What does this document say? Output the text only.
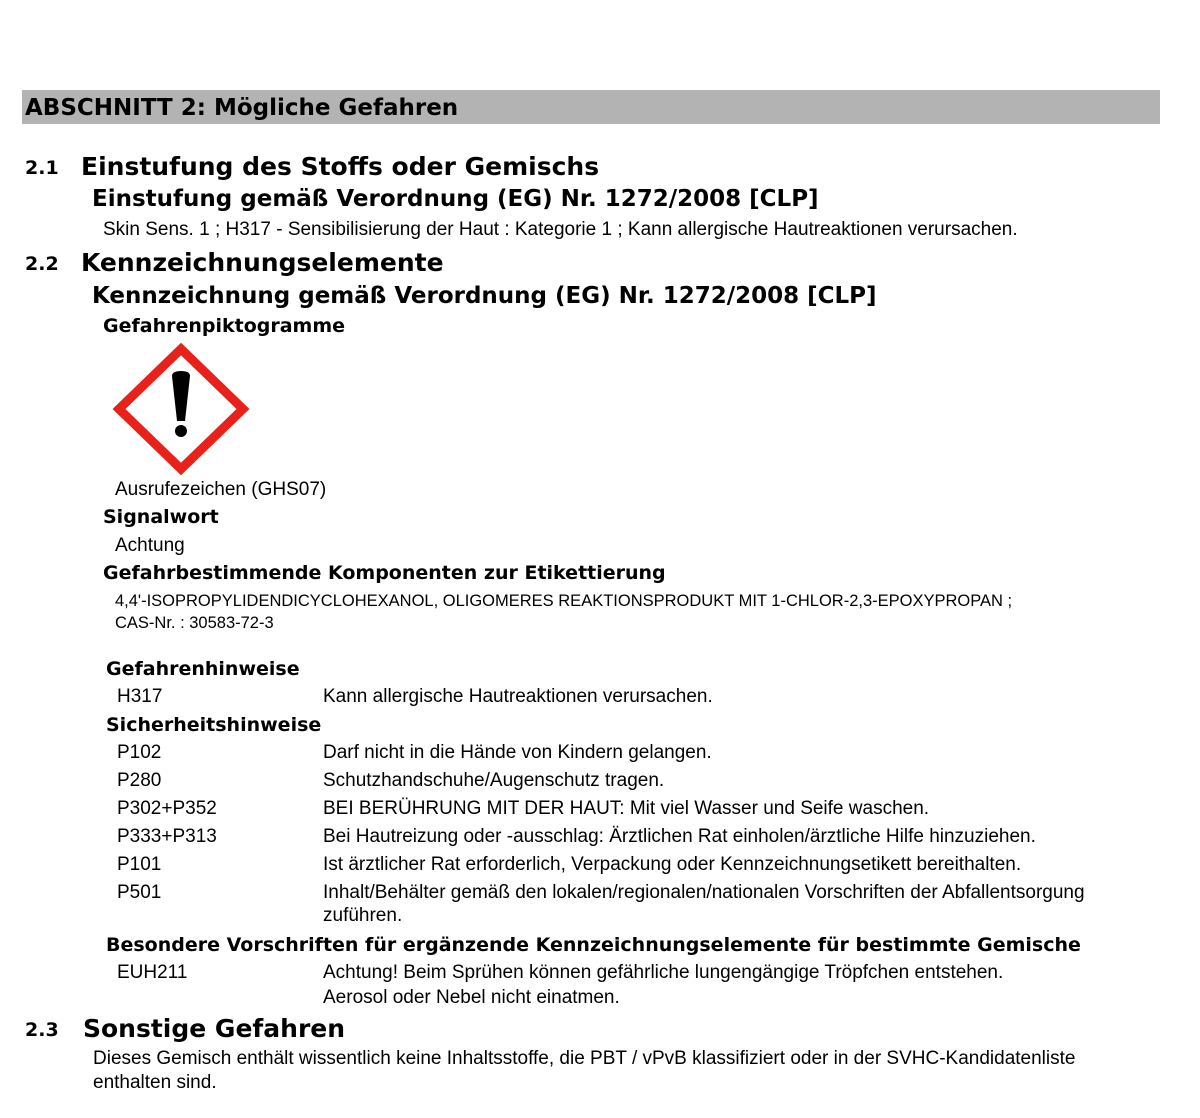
ABSCHNITT 2: Mögliche Gefahren
2.1 Einstufung des Stoffs oder Gemischs
Einstufung gemäß Verordnung (EG) Nr. 1272/2008 [CLP]
Skin Sens. 1 ; H317 - Sensibilisierung der Haut : Kategorie 1 ; Kann allergische Hautreaktionen verursachen.
2.2 Kennzeichnungselemente
Kennzeichnung gemäß Verordnung (EG) Nr. 1272/2008 [CLP]
Gefahrenpiktogramme
Ausrufezeichen (GHS07)
Signalwort
Achtung
Gefahrbestimmende Komponenten zur Etikettierung
4,4'-ISOPROPYLIDENDICYCLOHEXANOL, OLIGOMERES REAKTIONSPRODUKT MIT 1-CHLOR-2,3-EPOXYPROPAN ;
CAS-Nr. : 30583-72-3
Gefahrenhinweise
H317	Kann allergische Hautreaktionen verursachen.
Sicherheitshinweise
P102	Darf nicht in die Hände von Kindern gelangen.
P280	Schutzhandschuhe/Augenschutz tragen.
P302+P352	BEI BERÜHRUNG MIT DER HAUT: Mit viel Wasser und Seife waschen.
P333+P313	Bei Hautreizung oder -ausschlag: Ärztlichen Rat einholen/ärztliche Hilfe hinzuziehen.
P101	Ist ärztlicher Rat erforderlich, Verpackung oder Kennzeichnungsetikett bereithalten.
P501	Inhalt/Behälter gemäß den lokalen/regionalen/nationalen Vorschriften der Abfallentsorgung
zuführen.
Besondere Vorschriften für ergänzende Kennzeichnungselemente für bestimmte Gemische
EUH211	Achtung! Beim Sprühen können gefährliche lungengängige Tröpfchen entstehen.
Aerosol oder Nebel nicht einatmen.
2.3 Sonstige Gefahren
Dieses Gemisch enthält wissentlich keine Inhaltsstoffe, die PBT / vPvB klassifiziert oder in der SVHC-Kandidatenliste
enthalten sind.
